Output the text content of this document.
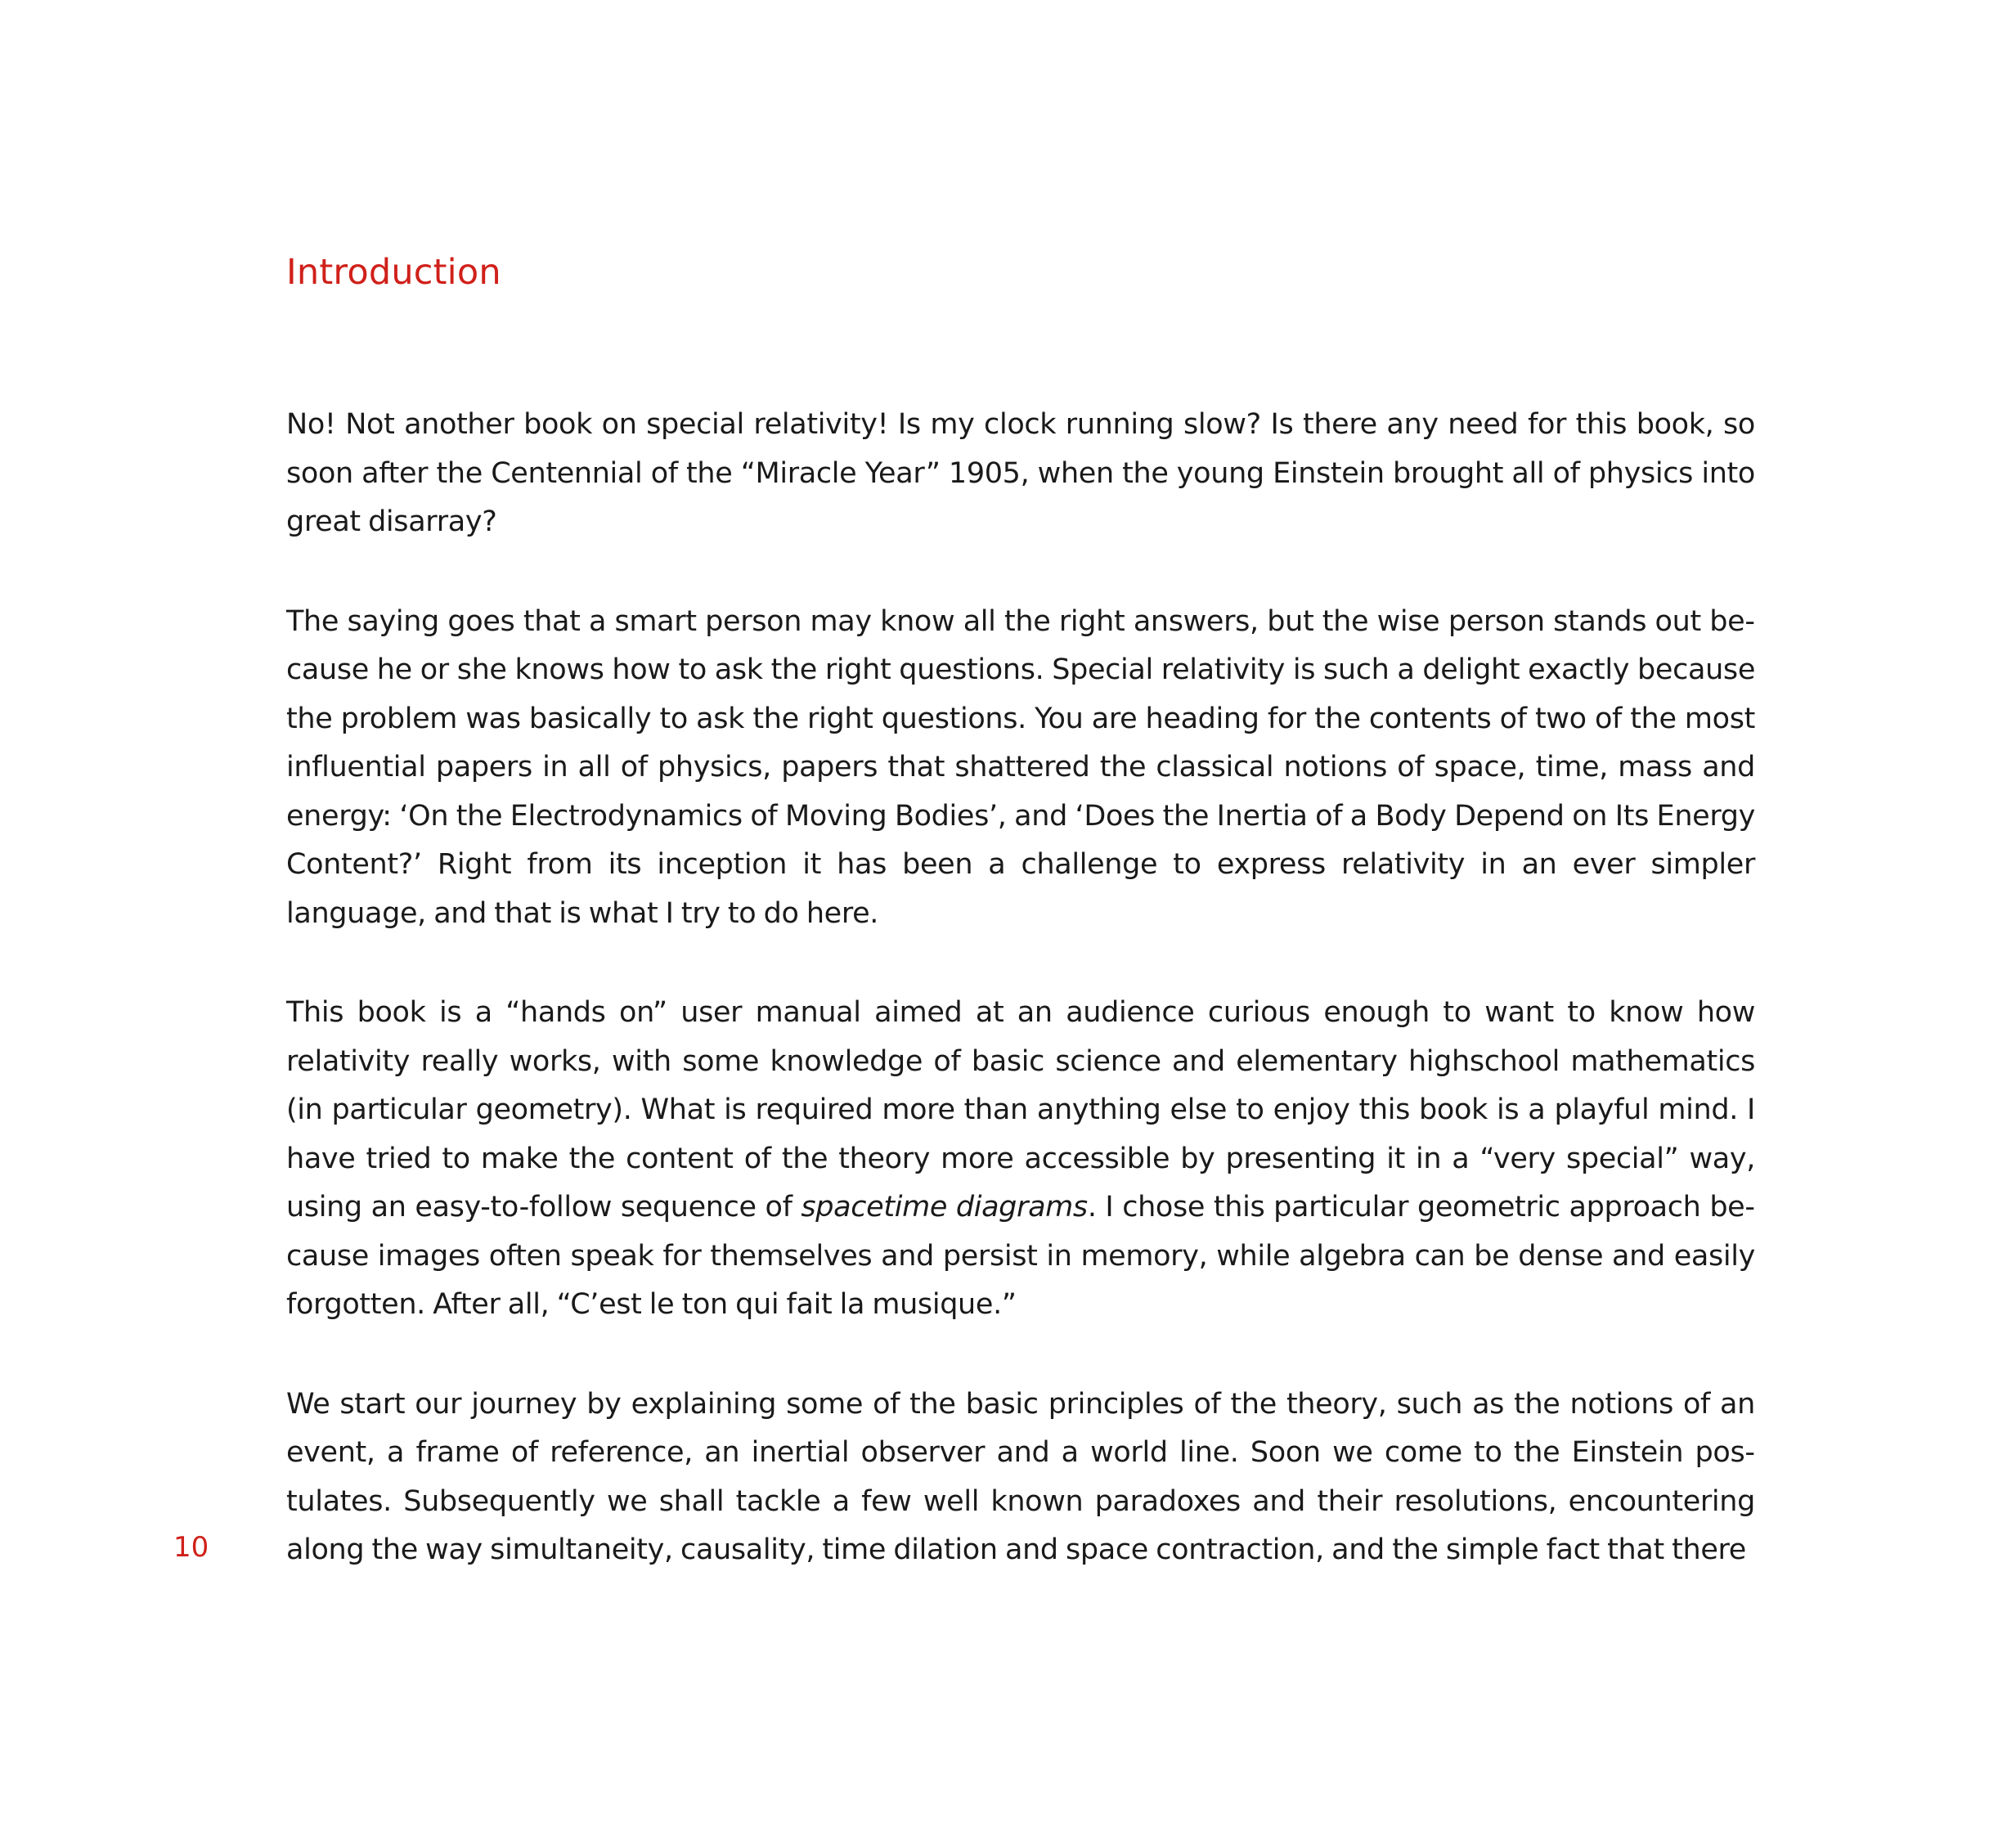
Introduction

No! Not another book on special relativity! Is my clock running slow? Is there any need for this book, so soon after the Centennial of the “Miracle Year” 1905, when the young Einstein brought all of physics into great disarray?

The saying goes that a smart person may know all the right answers, but the wise person stands out because he or she knows how to ask the right questions. Special relativity is such a delight exactly because the problem was basically to ask the right questions. You are heading for the contents of two of the most influential papers in all of physics, papers that shattered the classical notions of space, time, mass and energy: ‘On the Electrodynamics of Moving Bodies’, and ‘Does the Inertia of a Body Depend on Its Energy Content?’ Right from its inception it has been a challenge to express relativity in an ever simpler language, and that is what I try to do here.

This book is a “hands on” user manual aimed at an audience curious enough to want to know how relativity really works, with some knowledge of basic science and elementary highschool mathematics (in particular geometry). What is required more than anything else to enjoy this book is a playful mind. I have tried to make the content of the theory more accessible by presenting it in a “very special” way, using an easy-to-follow sequence of spacetime diagrams. I chose this particular geometric approach because images often speak for themselves and persist in memory, while algebra can be dense and easily forgotten. After all, “C’est le ton qui fait la musique.”

We start our journey by explaining some of the basic principles of the theory, such as the notions of an event, a frame of reference, an inertial observer and a world line. Soon we come to the Einstein postulates. Subsequently we shall tackle a few well known paradoxes and their resolutions, encountering along the way simultaneity, causality, time dilation and space contraction, and the simple fact that there

10
